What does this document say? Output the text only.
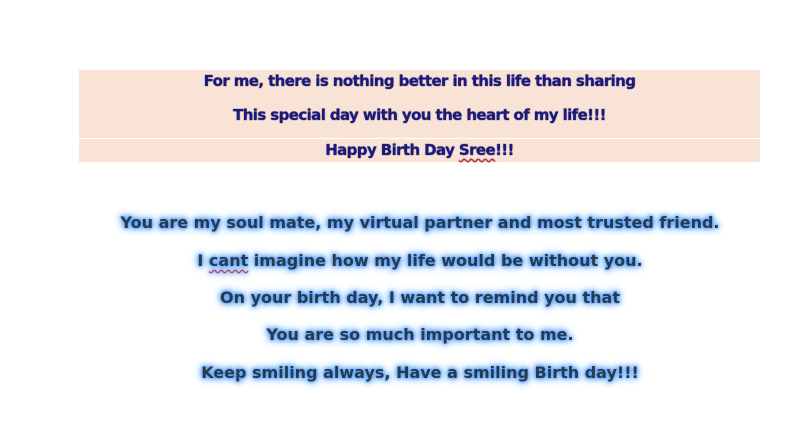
For me, there is nothing better in this life than sharing
This special day with you the heart of my life!!!
Happy Birth Day Sree!!!
You are my soul mate, my virtual partner and most trusted friend.
I cant imagine how my life would be without you.
On your birth day, I want to remind you that
You are so much important to me.
Keep smiling always, Have a smiling Birth day!!!
